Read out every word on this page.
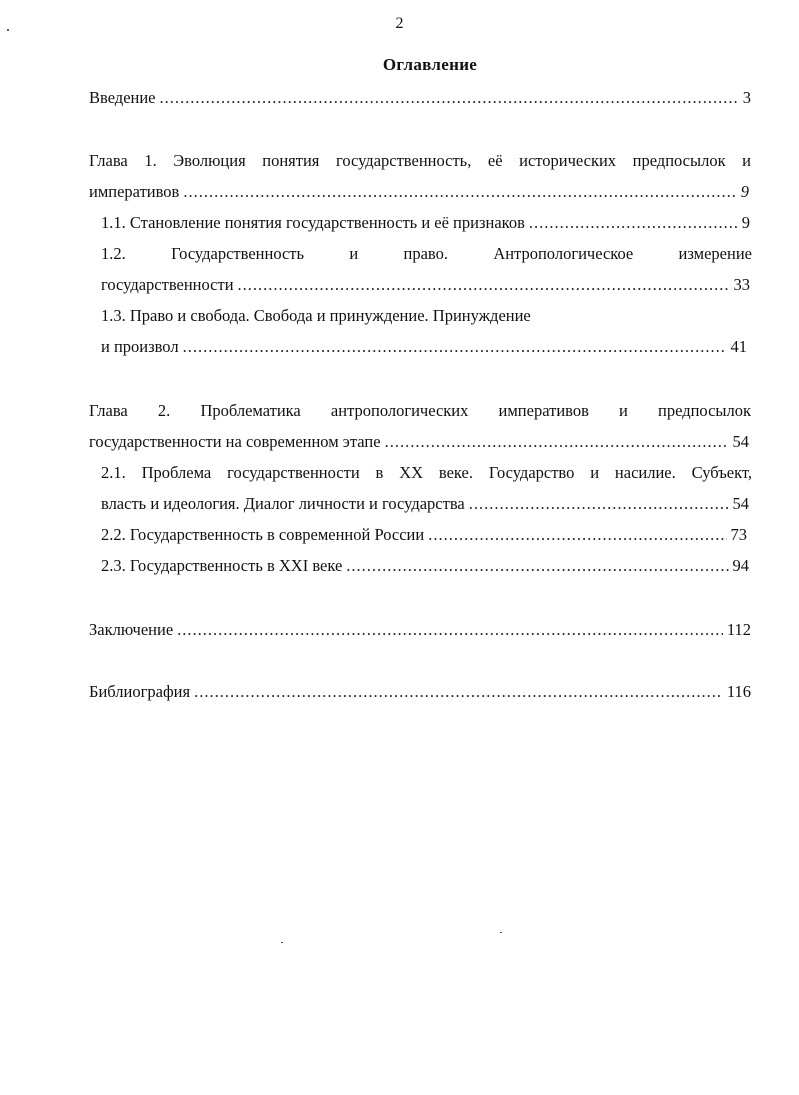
2
Оглавление
Введение .....	3
Глава 1. Эволюция понятия государственность, её исторических предпосылок и
императивов .....	9
1.1. Становление понятия государственность и её признаков .....	9
1.2. Государственность и право. Антропологическое измерение
государственности .....	33
1.3. Право и свобода. Свобода и принуждение. Принуждение
и произвол .....	41
Глава 2. Проблематика антропологических императивов и предпосылок
государственности на современном этапе .....	54
2.1. Проблема государственности в XX веке. Государство и насилие. Субъект,
власть и идеология. Диалог личности и государства .....	54
2.2. Государственность в современной России .....	73
2.3. Государственность в XXI веке .....	94
Заключение .....	112
Библиография .....	116
